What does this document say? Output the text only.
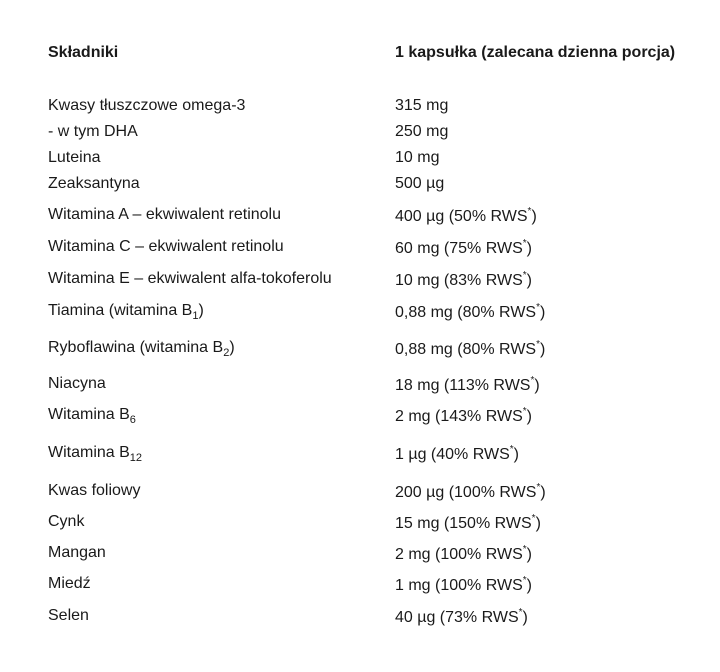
Składniki	1 kapsułka (zalecana dzienna porcja)
Kwasy tłuszczowe omega-3	315 mg
- w tym DHA	250 mg
Luteina	10 mg
Zeaksantyna	500 µg
Witamina A – ekwiwalent retinolu	400 µg (50% RWS*)
Witamina C – ekwiwalent retinolu	60 mg (75% RWS*)
Witamina E – ekwiwalent alfa-tokoferolu	10 mg (83% RWS*)
Tiamina (witamina $B_1$)	0,88 mg (80% RWS*)
Ryboflawina (witamina $B_2$)	0,88 mg (80% RWS*)
Niacyna	18 mg (113% RWS*)
Witamina $B_6$	2 mg (143% RWS*)
Witamina $B_{12}$	1 µg (40% RWS*)
Kwas foliowy	200 µg (100% RWS*)
Cynk	15 mg (150% RWS*)
Mangan	2 mg (100% RWS*)
Miedź	1 mg (100% RWS*)
Selen	40 µg (73% RWS*)
